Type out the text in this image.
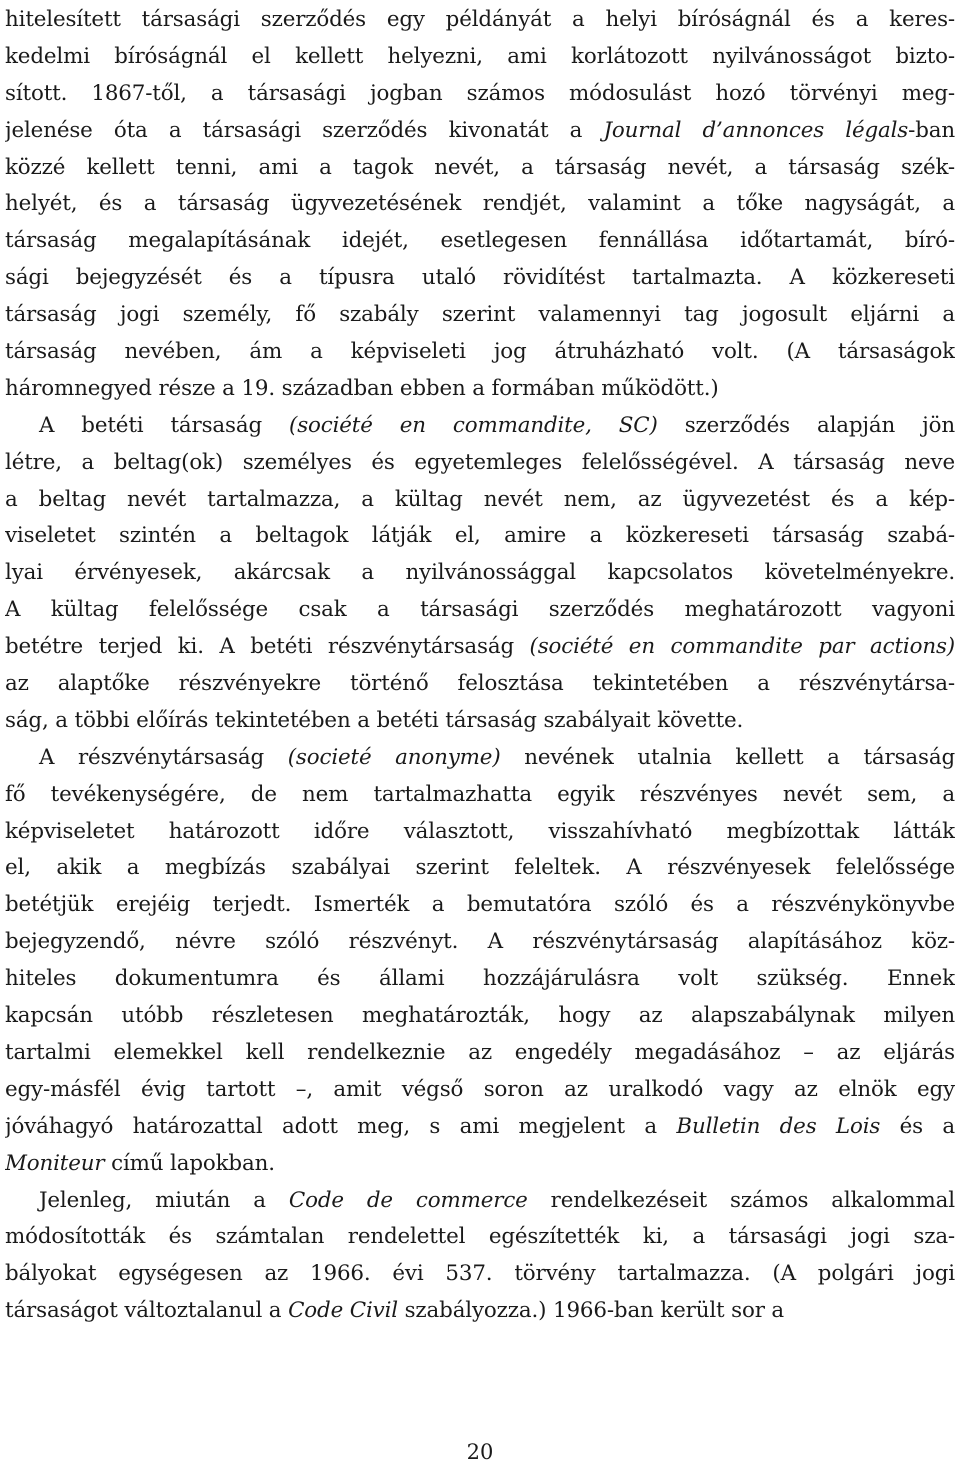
hitelesített társasági szerződés egy példányát a helyi bíróságnál és a keres-
kedelmi bíróságnál el kellett helyezni, ami korlátozott nyilvánosságot bizto-
sított. 1867-től, a társasági jogban számos módosulást hozó törvényi meg-
jelenése óta a társasági szerződés kivonatát a Journal d’annonces légals-ban
közzé kellett tenni, ami a tagok nevét, a társaság nevét, a társaság szék-
helyét, és a társaság ügyvezetésének rendjét, valamint a tőke nagyságát, a
társaság megalapításának idejét, esetlegesen fennállása időtartamát, bíró-
sági bejegyzését és a típusra utaló rövidítést tartalmazta. A közkereseti
társaság jogi személy, fő szabály szerint valamennyi tag jogosult eljárni a
társaság nevében, ám a képviseleti jog átruházható volt. (A társaságok
háromnegyed része a 19. században ebben a formában működött.)
A betéti társaság (société en commandite, SC) szerződés alapján jön
létre, a beltag(ok) személyes és egyetemleges felelősségével. A társaság neve
a beltag nevét tartalmazza, a kültag nevét nem, az ügyvezetést és a kép-
viseletet szintén a beltagok látják el, amire a közkereseti társaság szabá-
lyai érvényesek, akárcsak a nyilvánossággal kapcsolatos követelményekre.
A kültag felelőssége csak a társasági szerződés meghatározott vagyoni
betétre terjed ki. A betéti részvénytársaság (société en commandite par actions)
az alaptőke részvényekre történő felosztása tekintetében a részvénytársa-
ság, a többi előírás tekintetében a betéti társaság szabályait követte.
A részvénytársaság (societé anonyme) nevének utalnia kellett a társaság
fő tevékenységére, de nem tartalmazhatta egyik részvényes nevét sem, a
képviseletet határozott időre választott, visszahívható megbízottak látták
el, akik a megbízás szabályai szerint feleltek. A részvényesek felelőssége
betétjük erejéig terjedt. Ismerték a bemutatóra szóló és a részvénykönyvbe
bejegyzendő, névre szóló részvényt. A részvénytársaság alapításához köz-
hiteles dokumentumra és állami hozzájárulásra volt szükség. Ennek
kapcsán utóbb részletesen meghatározták, hogy az alapszabálynak milyen
tartalmi elemekkel kell rendelkeznie az engedély megadásához – az eljárás
egy-másfél évig tartott –, amit végső soron az uralkodó vagy az elnök egy
jóváhagyó határozattal adott meg, s ami megjelent a Bulletin des Lois és a
Moniteur című lapokban.
Jelenleg, miután a Code de commerce rendelkezéseit számos alkalommal
módosították és számtalan rendelettel egészítették ki, a társasági jogi sza-
bályokat egységesen az 1966. évi 537. törvény tartalmazza. (A polgári jogi
társaságot változtalanul a Code Civil szabályozza.) 1966-ban került sor a
20
